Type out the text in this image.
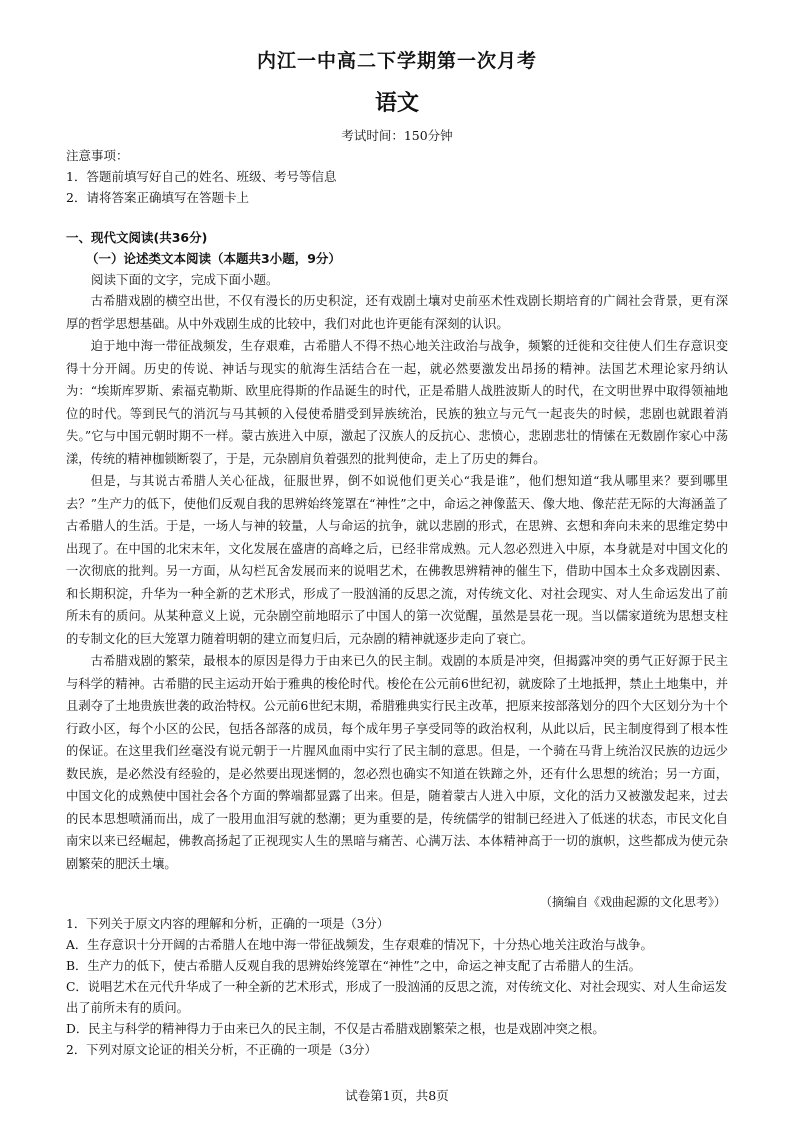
内江一中高二下学期第一次月考
语文
考试时间：150分钟
注意事项：
1．答题前填写好自己的姓名、班级、考号等信息
2．请将答案正确填写在答题卡上
一、现代文阅读(共36分)
（一）论述类文本阅读（本题共3小题，9分）
阅读下面的文字，完成下面小题。

古希腊戏剧的横空出世，不仅有漫长的历史积淀，还有戏剧土壤对史前巫术性戏剧长期培育的广阔社会背景，更有深厚的哲学思想基础。从中外戏剧生成的比较中，我们对此也许更能有深刻的认识。

迫于地中海一带征战频发，生存艰难，古希腊人不得不热心地关注政治与战争，频繁的迁徙和交往使人们生存意识变得十分开阔。历史的传说、神话与现实的航海生活结合在一起，就必然要激发出昂扬的精神。法国艺术理论家丹纳认为：“埃斯库罗斯、索福克勒斯、欧里庇得斯的作品诞生的时代，正是希腊人战胜波斯人的时代，在文明世界中取得领袖地位的时代。等到民气的消沉与马其顿的入侵使希腊受到异族统治，民族的独立与元气一起丧失的时候，悲剧也就跟着消失。”它与中国元朝时期不一样。蒙古族进入中原，激起了汉族人的反抗心、悲愤心，悲剧悲壮的情愫在无数剧作家心中荡漾，传统的精神枷锁断裂了，于是，元杂剧肩负着强烈的批判使命，走上了历史的舞台。

但是，与其说古希腊人关心征战，征服世界，倒不如说他们更关心“我是谁”，他们想知道“我从哪里来？要到哪里去？”生产力的低下，使他们反观自我的思辨始终笼罩在“神性”之中，命运之神像蓝天、像大地、像茫茫无际的大海涵盖了古希腊人的生活。于是，一场人与神的较量，人与命运的抗争，就以悲剧的形式，在思辨、玄想和奔向未来的思维定势中出现了。在中国的北宋末年，文化发展在盛唐的高峰之后，已经非常成熟。元人忽必烈进入中原，本身就是对中国文化的一次彻底的批判。另一方面，从勾栏瓦舍发展而来的说唱艺术，在佛教思辨精神的催生下，借助中国本土众多戏剧因素、和长期积淀，升华为一种全新的艺术形式，形成了一股汹涌的反思之流，对传统文化、对社会现实、对人生命运发出了前所未有的质问。从某种意义上说，元杂剧空前地昭示了中国人的第一次觉醒，虽然是昙花一现。当以儒家道统为思想支柱的专制文化的巨大笼罩力随着明朝的建立而复归后，元杂剧的精神就逐步走向了衰亡。

古希腊戏剧的繁荣，最根本的原因是得力于由来已久的民主制。戏剧的本质是冲突，但揭露冲突的勇气正好源于民主与科学的精神。古希腊的民主运动开始于雅典的梭伦时代。梭伦在公元前6世纪初，就废除了土地抵押，禁止土地集中，并且剥夺了土地贵族世袭的政治特权。公元前6世纪末期，希腊雅典实行民主改革，把原来按部落划分的四个大区划分为十个行政小区，每个小区的公民，包括各部落的成员，每个成年男子享受同等的政治权利，从此以后，民主制度得到了根本性的保证。在这里我们丝毫没有说元朝于一片腥风血雨中实行了民主制的意思。但是，一个骑在马背上统治汉民族的边远少数民族，是必然没有经验的，是必然要出现迷惘的，忽必烈也确实不知道在铁蹄之外，还有什么思想的统治；另一方面，中国文化的成熟使中国社会各个方面的弊端都显露了出来。但是，随着蒙古人进入中原，文化的活力又被激发起来，过去的民本思想喷涌而出，成了一股用血泪写就的愁潮；更为重要的是，传统儒学的钳制已经进入了低迷的状态，市民文化自南宋以来已经崛起，佛教高扬起了正视现实人生的黑暗与痛苦、心满万法、本体精神高于一切的旗帜，这些都成为使元杂剧繁荣的肥沃土壤。

（摘编自《戏曲起源的文化思考》）
1．下列关于原文内容的理解和分析，正确的一项是（3分）
A．生存意识十分开阔的古希腊人在地中海一带征战频发，生存艰难的情况下，十分热心地关注政治与战争。
B．生产力的低下，使古希腊人反观自我的思辨始终笼罩在“神性”之中，命运之神支配了古希腊人的生活。
C．说唱艺术在元代升华成了一种全新的艺术形式，形成了一股汹涌的反思之流，对传统文化、对社会现实、对人生命运发出了前所未有的质问。
D．民主与科学的精神得力于由来已久的民主制，不仅是古希腊戏剧繁荣之根，也是戏剧冲突之根。
2．下列对原文论证的相关分析，不正确的一项是（3分）
试卷第1页，共8页
